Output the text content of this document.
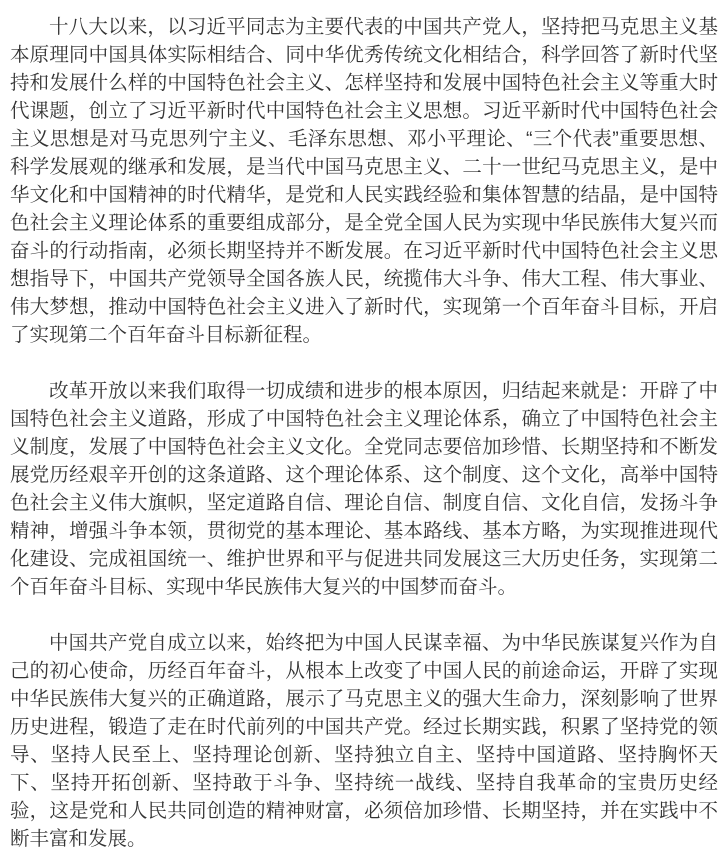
十八大以来，以习近平同志为主要代表的中国共产党人，坚持把马克思主义基本原理同中国具体实际相结合、同中华优秀传统文化相结合，科学回答了新时代坚持和发展什么样的中国特色社会主义、怎样坚持和发展中国特色社会主义等重大时代课题，创立了习近平新时代中国特色社会主义思想。习近平新时代中国特色社会主义思想是对马克思列宁主义、毛泽东思想、邓小平理论、“三个代表”重要思想、科学发展观的继承和发展，是当代中国马克思主义、二十一世纪马克思主义，是中华文化和中国精神的时代精华，是党和人民实践经验和集体智慧的结晶，是中国特色社会主义理论体系的重要组成部分，是全党全国人民为实现中华民族伟大复兴而奋斗的行动指南，必须长期坚持并不断发展。在习近平新时代中国特色社会主义思想指导下，中国共产党领导全国各族人民，统揽伟大斗争、伟大工程、伟大事业、伟大梦想，推动中国特色社会主义进入了新时代，实现第一个百年奋斗目标，开启了实现第二个百年奋斗目标新征程。

改革开放以来我们取得一切成绩和进步的根本原因，归结起来就是：开辟了中国特色社会主义道路，形成了中国特色社会主义理论体系，确立了中国特色社会主义制度，发展了中国特色社会主义文化。全党同志要倍加珍惜、长期坚持和不断发展党历经艰辛开创的这条道路、这个理论体系、这个制度、这个文化，高举中国特色社会主义伟大旗帜，坚定道路自信、理论自信、制度自信、文化自信，发扬斗争精神，增强斗争本领，贯彻党的基本理论、基本路线、基本方略，为实现推进现代化建设、完成祖国统一、维护世界和平与促进共同发展这三大历史任务，实现第二个百年奋斗目标、实现中华民族伟大复兴的中国梦而奋斗。

中国共产党自成立以来，始终把为中国人民谋幸福、为中华民族谋复兴作为自己的初心使命，历经百年奋斗，从根本上改变了中国人民的前途命运，开辟了实现中华民族伟大复兴的正确道路，展示了马克思主义的强大生命力，深刻影响了世界历史进程，锻造了走在时代前列的中国共产党。经过长期实践，积累了坚持党的领导、坚持人民至上、坚持理论创新、坚持独立自主、坚持中国道路、坚持胸怀天下、坚持开拓创新、坚持敢于斗争、坚持统一战线、坚持自我革命的宝贵历史经验，这是党和人民共同创造的精神财富，必须倍加珍惜、长期坚持，并在实践中不断丰富和发展。
